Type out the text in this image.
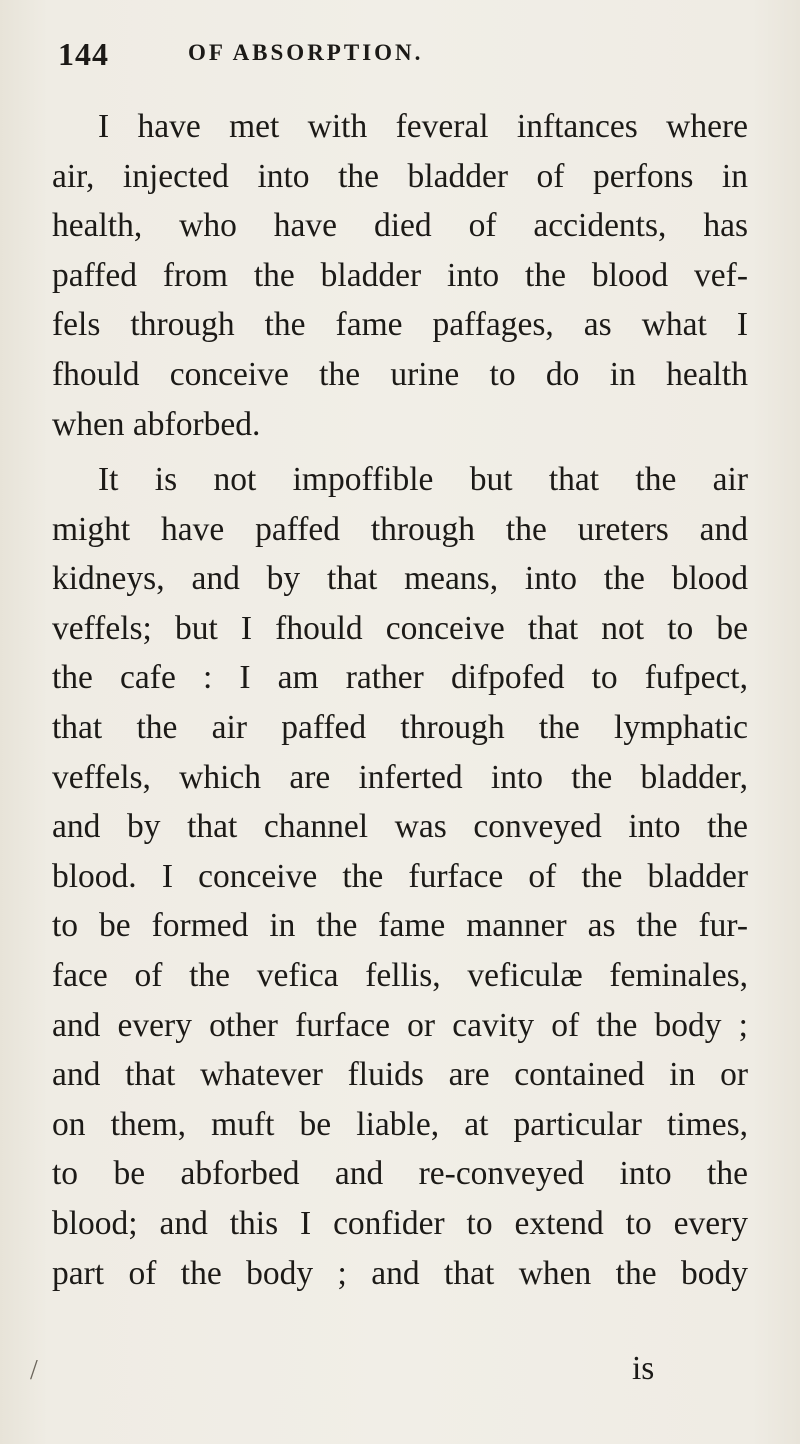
144	OF ABSORPTION.
I have met with feveral inftances where
air, injected into the bladder of perfons in
health, who have died of accidents, has
paffed from the bladder into the blood vef-
fels through the fame paffages, as what I
fhould conceive the urine to do in health
when abforbed.
It is not impoffible but that the air
might have paffed through the ureters and
kidneys, and by that means, into the blood
veffels; but I fhould conceive that not to be
the cafe : I am rather difpofed to fufpect,
that the air paffed through the lymphatic
veffels, which are inferted into the bladder,
and by that channel was conveyed into the
blood. I conceive the furface of the bladder
to be formed in the fame manner as the fur-
face of the vefica fellis, veficulæ feminales,
and every other furface or cavity of the body ;
and that whatever fluids are contained in or
on them, muft be liable, at particular times,
to be abforbed and re-conveyed into the
blood; and this I confider to extend to every
part of the body ; and that when the body
/	is
